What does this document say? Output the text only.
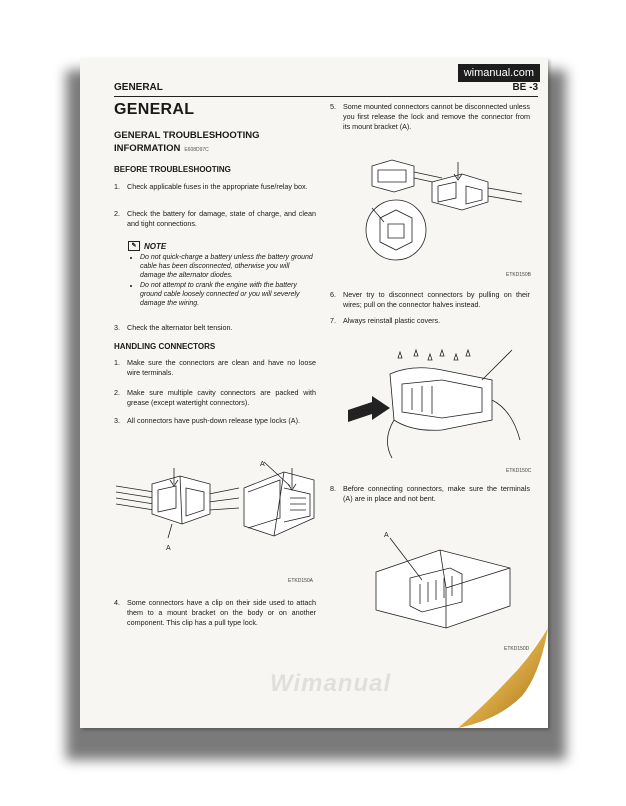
wimanual.com
GENERAL	BE -3
GENERAL
GENERAL TROUBLESHOOTING
INFORMATION E608D97C
BEFORE TROUBLESHOOTING
1. Check applicable fuses in the appropriate fuse/relay box.
2. Check the battery for damage, state of charge, and clean and tight connections.
✎ NOTE
• Do not quick-charge a battery unless the battery ground cable has been disconnected, otherwise you will damage the alternator diodes.
• Do not attempt to crank the engine with the battery ground cable loosely connected or you will severely damage the wiring.
3. Check the alternator belt tension.
HANDLING CONNECTORS
1. Make sure the connectors are clean and have no loose wire terminals.
2. Make sure multiple cavity connectors are packed with grease (except watertight connectors).
3. All connectors have push-down release type locks (A).
A
A
ETKD150A
4. Some connectors have a clip on their side used to attach them to a mount bracket on the body or on another component. This clip has a pull type lock.
5. Some mounted connectors cannot be disconnected unless you first release the lock and remove the connector from its mount bracket (A).
ETKD150B
6. Never try to disconnect connectors by pulling on their wires; pull on the connector halves instead.
7. Always reinstall plastic covers.
ETKD150C
8. Before connecting connectors, make sure the terminals (A) are in place and not bent.
A
ETKD150D
Wimanual
